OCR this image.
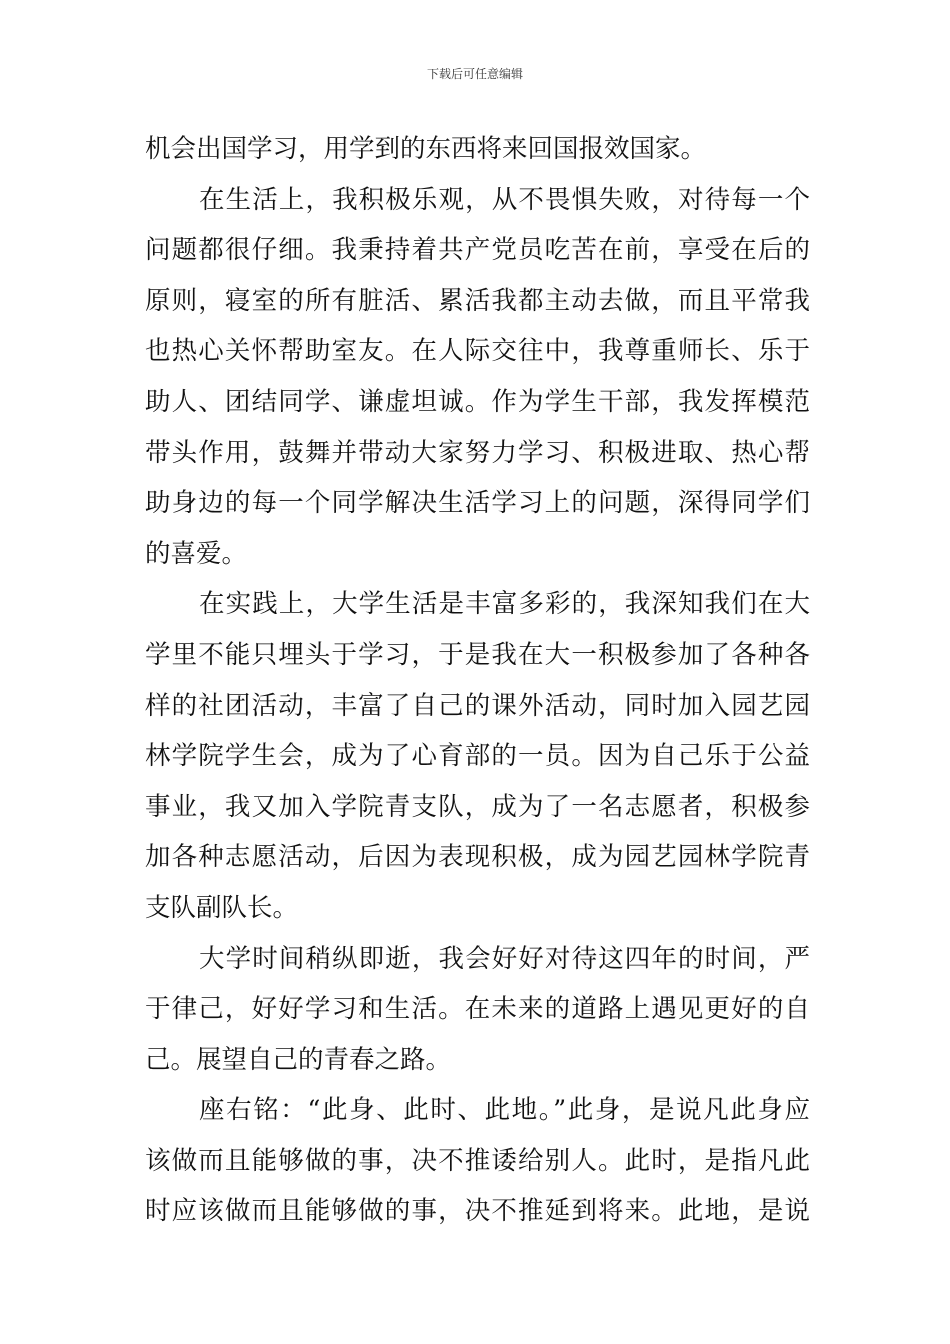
下载后可任意编辑
机会出国学习，用学到的东西将来回国报效国家。
在生活上，我积极乐观，从不畏惧失败，对待每一个
问题都很仔细。我秉持着共产党员吃苦在前，享受在后的
原则，寝室的所有脏活、累活我都主动去做，而且平常我
也热心关怀帮助室友。在人际交往中，我尊重师长、乐于
助人、团结同学、谦虚坦诚。作为学生干部，我发挥模范
带头作用，鼓舞并带动大家努力学习、积极进取、热心帮
助身边的每一个同学解决生活学习上的问题，深得同学们
的喜爱。
在实践上，大学生活是丰富多彩的，我深知我们在大
学里不能只埋头于学习，于是我在大一积极参加了各种各
样的社团活动，丰富了自己的课外活动，同时加入园艺园
林学院学生会，成为了心育部的一员。因为自己乐于公益
事业，我又加入学院青支队，成为了一名志愿者，积极参
加各种志愿活动，后因为表现积极，成为园艺园林学院青
支队副队长。
大学时间稍纵即逝，我会好好对待这四年的时间，严
于律己，好好学习和生活。在未来的道路上遇见更好的自
己。展望自己的青春之路。
座右铭：“此身、此时、此地。”此身，是说凡此身应
该做而且能够做的事，决不推诿给别人。此时，是指凡此
时应该做而且能够做的事，决不推延到将来。此地，是说
